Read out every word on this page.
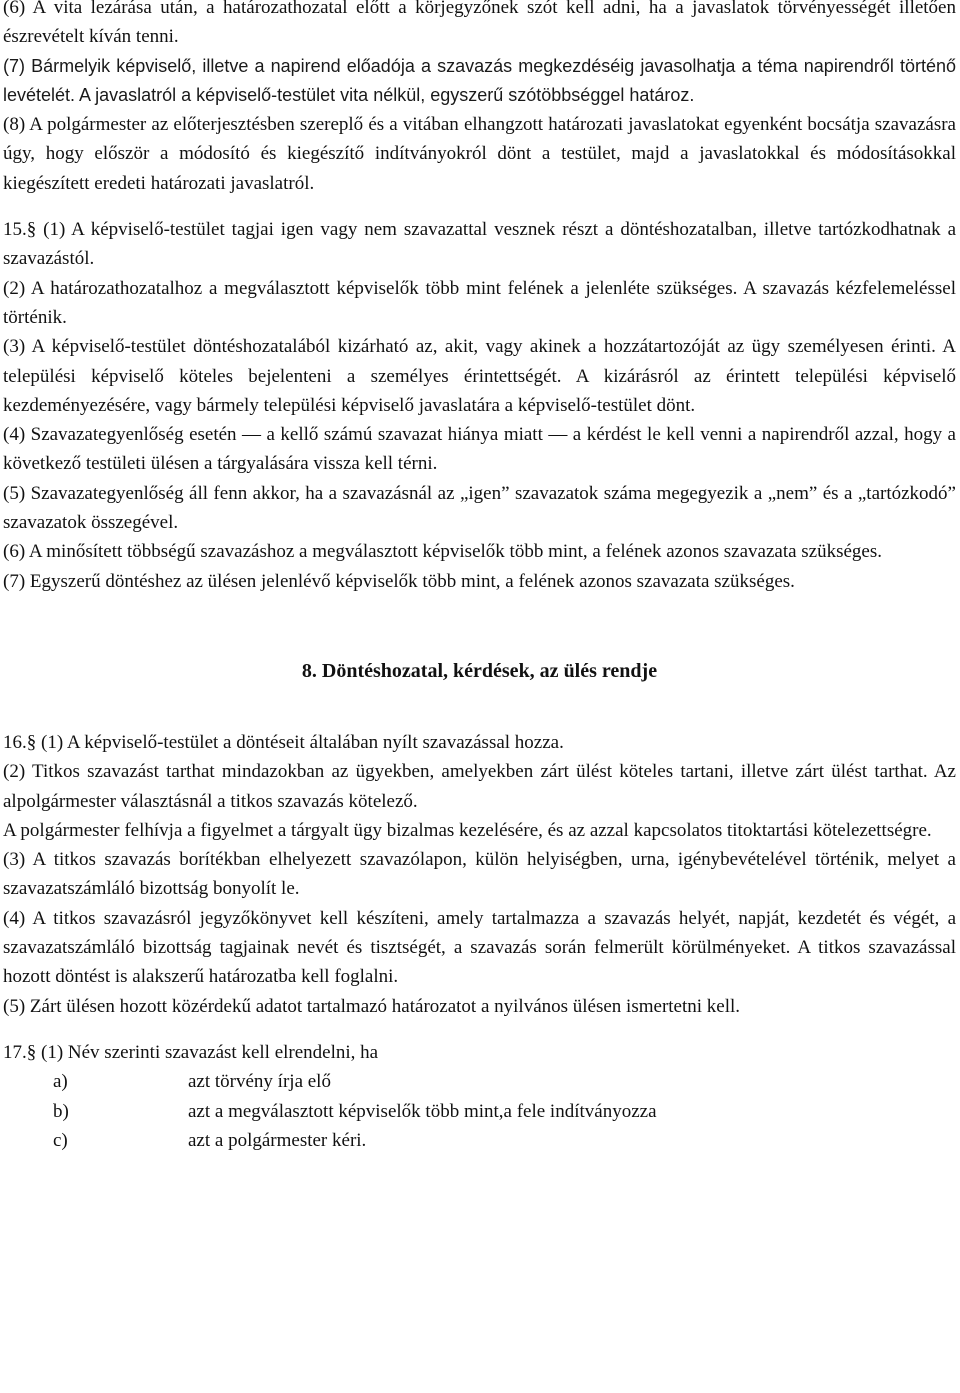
(6) A vita lezárása után, a határozathozatal előtt a körjegyzőnek szót kell adni, ha a javaslatok törvényességét illetően észrevételt kíván tenni.

(7) Bármelyik képviselő, illetve a napirend előadója a szavazás megkezdéséig javasolhatja a téma napirendről történő levételét. A javaslatról a képviselő-testület vita nélkül, egyszerű szótöbbséggel határoz.

(8) A polgármester az előterjesztésben szereplő és a vitában elhangzott határozati javaslatokat egyenként bocsátja szavazásra úgy, hogy először a módosító és kiegészítő indítványokról dönt a testület, majd a javaslatokkal és módosításokkal kiegészített eredeti határozati javaslatról.

15.§ (1) A képviselő-testület tagjai igen vagy nem szavazattal vesznek részt a döntéshozatalban, illetve tartózkodhatnak a szavazástól.

(2) A határozathozatalhoz a megválasztott képviselők több mint felének a jelenléte szükséges. A szavazás kézfelemeléssel történik.

(3) A képviselő-testület döntéshozatalából kizárható az, akit, vagy akinek a hozzátartozóját az ügy személyesen érinti. A települési képviselő köteles bejelenteni a személyes érintettségét. A kizárásról az érintett települési képviselő kezdeményezésére, vagy bármely települési képviselő javaslatára a képviselő-testület dönt.

(4) Szavazategyenlőség esetén — a kellő számú szavazat hiánya miatt — a kérdést le kell venni a napirendről azzal, hogy a következő testületi ülésen a tárgyalására vissza kell térni.

(5) Szavazategyenlőség áll fenn akkor, ha a szavazásnál az „igen” szavazatok száma megegyezik a „nem” és a „tartózkodó” szavazatok összegével.

(6) A minősített többségű szavazáshoz a megválasztott képviselők több mint, a felének azonos szavazata szükséges.

(7) Egyszerű döntéshez az ülésen jelenlévő képviselők több mint, a felének azonos szavazata szükséges.

8. Döntéshozatal, kérdések, az ülés rendje

16.§ (1) A képviselő-testület a döntéseit általában nyílt szavazással hozza.

(2) Titkos szavazást tarthat mindazokban az ügyekben, amelyekben zárt ülést köteles tartani, illetve zárt ülést tarthat. Az alpolgármester választásnál a titkos szavazás kötelező.

A polgármester felhívja a figyelmet a tárgyalt ügy bizalmas kezelésére, és az azzal kapcsolatos titoktartási kötelezettségre.

(3) A titkos szavazás borítékban elhelyezett szavazólapon, külön helyiségben, urna, igénybevételével történik, melyet a szavazatszámláló bizottság bonyolít le.

(4) A titkos szavazásról jegyzőkönyvet kell készíteni, amely tartalmazza a szavazás helyét, napját, kezdetét és végét, a szavazatszámláló bizottság tagjainak nevét és tisztségét, a szavazás során felmerült körülményeket. A titkos szavazással hozott döntést is alakszerű határozatba kell foglalni.

(5) Zárt ülésen hozott közérdekű adatot tartalmazó határozatot a nyilvános ülésen ismertetni kell.

17.§ (1) Név szerinti szavazást kell elrendelni, ha

a)	azt törvény írja elő
b)	azt a megválasztott képviselők több mint,a fele indítványozza
c)	azt a polgármester kéri.
